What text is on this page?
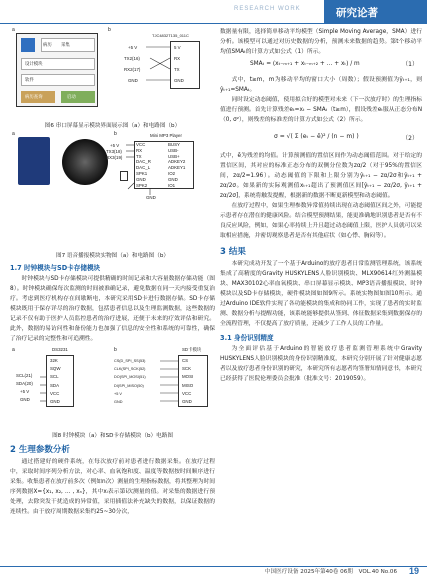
RESEARCH WORK	研究论著
a
病历 采集
设计模块
软件
病历查询	启动
b
TJC4832T135_011C
5 V
RX
TX
GND
+5 V
TX2(16)
RX2(17)
GND
图6 串口屏幕显示模块界面展示图（a）和电路图（b）
a	b	Mini MP3 Player
VCC
RX
TX
DAC_R
DAC_L
SPK1
GND
SPK2
BUSY
USB-
USB+
ADKEY2
ADKEY1
IO2
GND
IO1
+5 V
TX3(18)
RX3(19)
GND
图7 语音播报模块实物图（a）和电路图（b）
1.7 时钟模块与SD卡存储模块
时钟模块与SD卡存储模块可提供精确的时间记录和大容量数据存储功能（图8）。时钟模块确保每次监测的时间被准确记录，避免数据在同一天内接受重复治疗。考虑到医疗机构存在间歇断电，本研究采用SD卡进行数据存储。SD卡存储模块既用于保存详尽的治疗数据，包括患者信息以及生理监测数据，这些数据的记录不仅有助于医护人员监控患者的治疗进展，还便于未来的疗效评估和研究。此外，数据的易访问性和备份能力也加强了信息的安全性和系统的可靠性，确保了治疗记录的完整性和可追溯性。
a	DS3231
32K
SQW
SCL
SDA
VCC
GND
SCL(21)
SDA(20)
+5 V
GND
b
CS(D_SPI_SS(53)
CLK(SPI_SCK(52)
DO(SPI_MOSI(51)
DI(SPI_MISO(50)
+5 V
GND
SD卡模块
CS
SCK
MOSI
MISO
VCC
GND
图8 时钟模块（a）和SD卡存储模块（b）电路图
2 生理参数分析
通过搭建好的硬件系统，在每次放疗前对患者进行数据采集。在放疗过程中，采取时间序列分析方法，对心率、血氧饱和度、温度等数据按时间顺序进行采集。收集患者在放疗前多次（例如n次）测量的生理指标数据，将其整理为时间序列数据X={x₁, x₂, … , xₙ}，其中xᵢ表示第i次测量的值。对采集的数据进行预处理，去除突发干扰造成的异常值，采用插值法补充缺失的数据，以保证数据的连续性。由于放疗周期数据采集约25~30分次，
数据量有限，选择简单移动平均模型（Simple Moving Average，SMA）进行分析。该模型可以通过对历史数据的分析，预测未来数据的趋势。第t个移动平均值SMAₜ的计算方式如公式（1）所示。
SMAₜ = (xₜ₋ₘ₊₁ + xₜ₋ₘ₊₂ + … + xₜ) / m	（1）
式中，t≥m，m为移动平均的窗口大小（周数）；假设预测值为ŷₜ₊₁，则ŷₜ₊₁=SMAₜ。
同时设定动态阈值，使用拟合好的模型对未来（下一次放疗时）的生理指标值进行预测。首先计算残差eₜ=xₜ − SMAₜ（t≥m），假设残差eₜ服从正态分布N（0, σ²），则残差的标准差的计算方式如公式（2）所示。
σ = √( Σ (eₜ − ē)² / (n − m) )	（2）
式中，ē为残差的均值。计算预测值的置信区间作为动态阈值范围。对于给定的置信区间，其对应的标准正态分布的双侧分位数为zα/2（对于95%的置信区间，zα/2=1.96）。动态阈值的下限和上限分别为ŷₜ₊₁ − zα/2σ和ŷₜ₊₁ + zα/2σ。如果新的实际观测值xₜ₊₁超出了预测值区间[ŷₜ₊₁ − zα/2σ, ŷₜ₊₁ + zα/2σ]，系统将触发提醒，根据新的数据不断更新模型和动态阈值。
在放疗过程中，如果生理参数异常值持续出现在动态阈值区间之外，可能提示患者存在潜在的健康风险。结合模型预测结果，能更准确地识别患者是否有不良反应风险，例如，如果心率持续上升且超过动态阈值上限，医护人员就可以采取相应措施，并密切观察患者是否有其他症状（如心悸、胸闷等）。
3 结果
本研究成功开发了一个基于Arduino的放疗患者日常监测管理系统，该系统集成了高精度的Gravity HUSKYLENS人脸识别模块、MLX90614红外测温模块、MAX30102心率血氧模块、串口屏幕显示模块、MP3语音播报模块、时钟模块以及SD卡存储模块，硬件模块图如图9所示。系统实物图如图10所示。通过Arduino IDE软件实现了各功能模块的集成和协同工作，实现了患者的实时监测、数据分析与提醒功能，该系统能够提供从签到、体征数据采集到数据保存的全流程管理，不仅提高了放疗质量，还减少了工作人员的工作量。
3.1 身份识别精度
为全面评估基于Arduino的智能放疗患者监测管理系统中Gravity HUSKYLENS人脸识别模块的身份识别精准度，本研究分别开展了针对健康志愿者以及放疗患者身份识别的研究，本研究所有志愿者均签署知情同意书，本研究已经获得了医院伦理委员会批准（批准文号：2019059）。
中国医疗设备 2025年第40卷 06期 VOL.40 No.06 19
